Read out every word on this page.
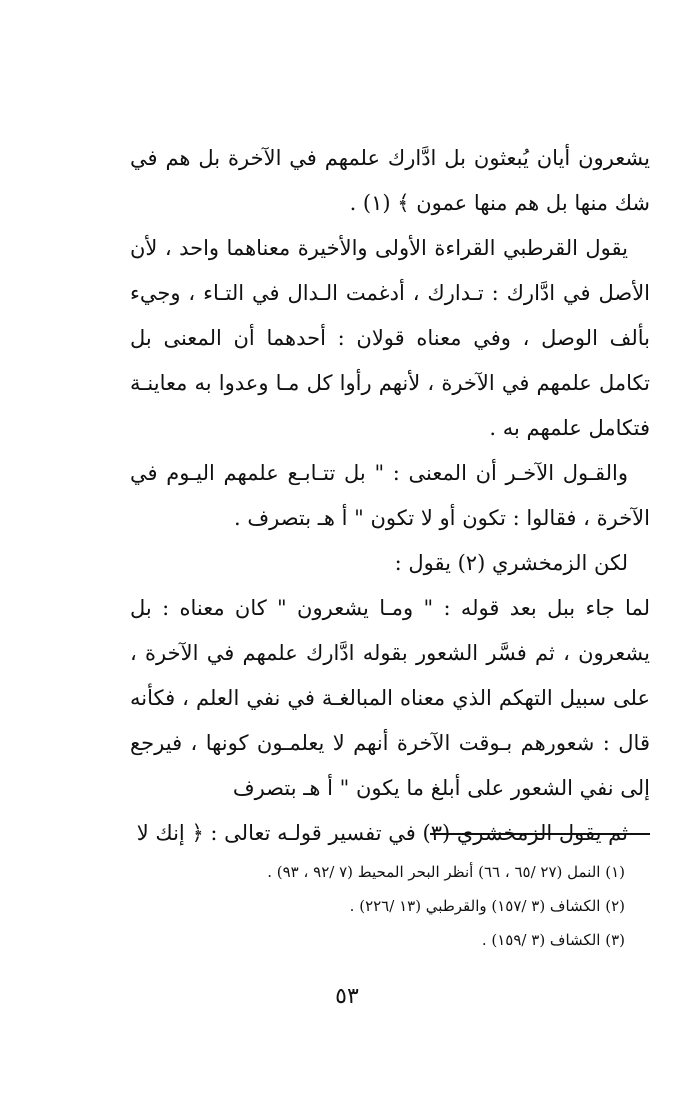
يشعرون أيان يُبعثون بل ادَّارك علمهم في الآخرة بل هم في شك منها بل هم منها عمون ﴾ (١) .

يقول القرطبي القراءة الأولى والأخيرة معناهما واحد ، لأن الأصل في ادَّارك : تـدارك ، أدغمت الـدال في التـاء ، وجيء بألف الوصل ، وفي معناه قولان : أحدهما أن المعنى بل تكامل علمهم في الآخرة ، لأنهم رأوا كل مـا وعدوا به معاينـة فتكامل علمهم به .

والقـول الآخـر أن المعنى : " بل تتـابـع علمهم اليـوم في الآخرة ، فقالوا : تكون أو لا تكون " أ هـ بتصرف .

لكن الزمخشري (٢) يقول :

لما جاء ببل بعد قوله : " ومـا يشعرون " كان معناه : بل يشعرون ، ثم فسَّر الشعور بقوله ادَّارك علمهم في الآخرة ، على سبيل التهكم الذي معناه المبالغـة في نفي العلم ، فكأنه قال : شعورهم بـوقت الآخرة أنهم لا يعلمـون كونها ، فيرجع إلى نفي الشعور على أبلغ ما يكون " أ هـ بتصرف

ثم يقول الزمخشري (٣) في تفسير قولـه تعالى : ﴿ إنك لا

(١) النمل (٢٧ /٦٥ ، ٦٦) أنظر البحر المحيط (٧ /٩٢ ، ٩٣) .

(٢) الكشاف (٣ /١٥٧) والقرطبي (١٣ /٢٢٦) .

(٣) الكشاف (٣ /١٥٩) .

٥٣
